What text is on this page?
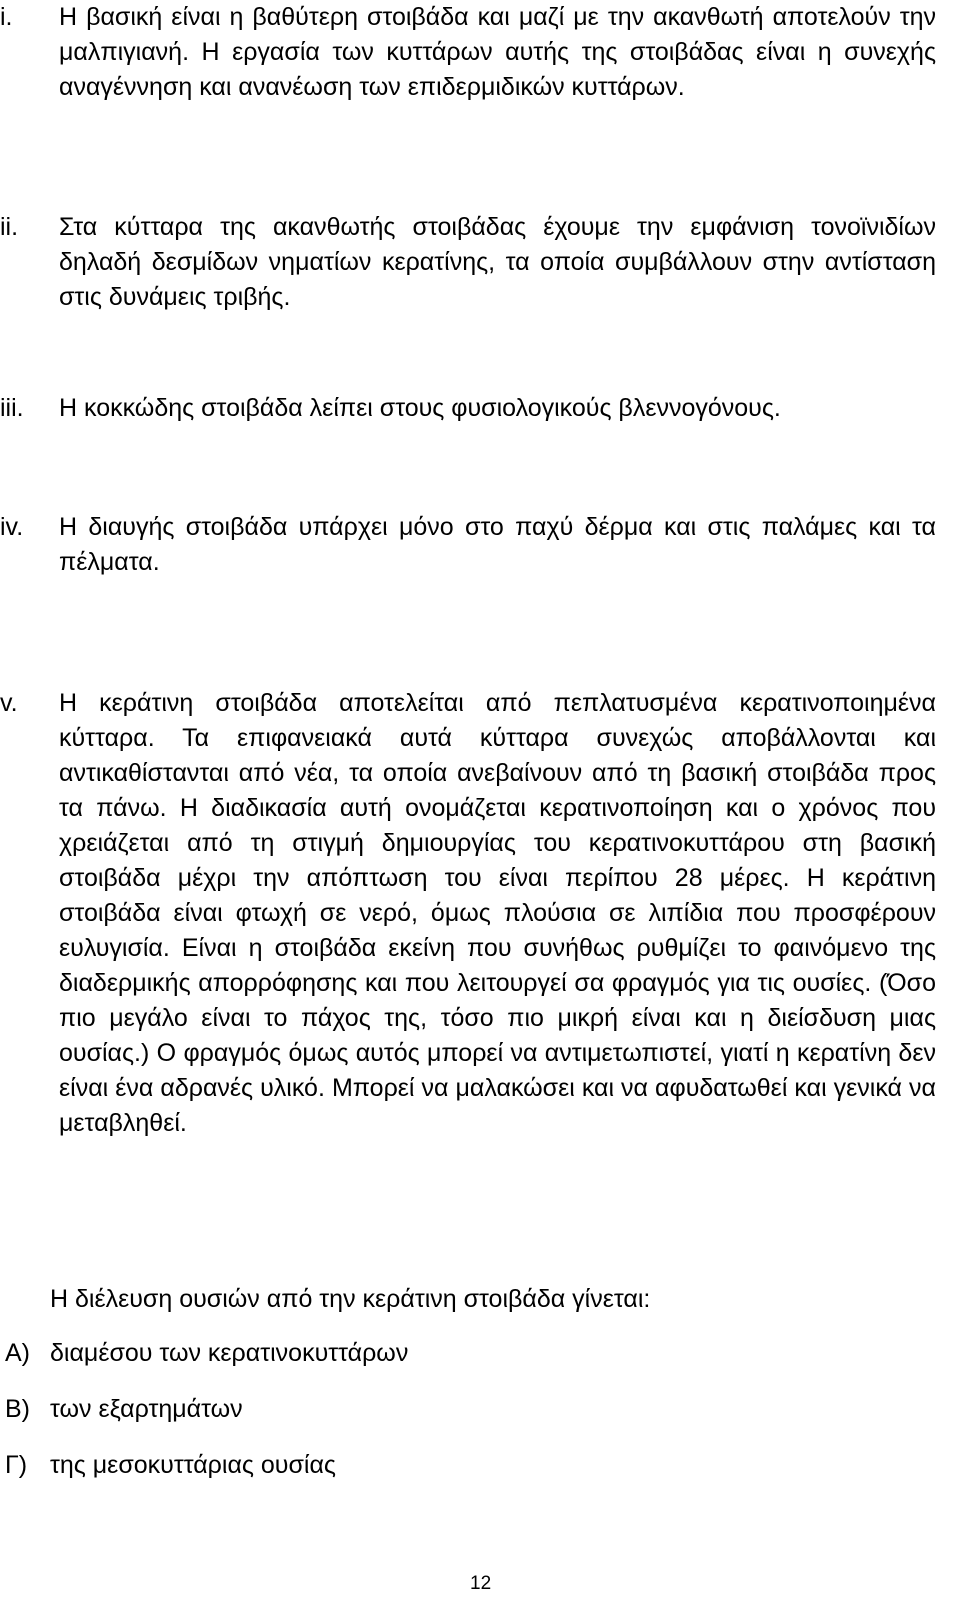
i. Η βασική είναι η βαθύτερη στοιβάδα και μαζί με την ακανθωτή αποτελούν την μαλπιγιανή. Η εργασία των κυττάρων αυτής της στοιβάδας είναι η συνεχής αναγέννηση και ανανέωση των επιδερμιδικών κυττάρων.
ii. Στα κύτταρα της ακανθωτής στοιβάδας έχουμε την εμφάνιση τονοϊνιδίων δηλαδή δεσμίδων νηματίων κερατίνης, τα οποία συμβάλλουν στην αντίσταση στις δυνάμεις τριβής.
iii. Η κοκκώδης στοιβάδα λείπει στους φυσιολογικούς βλεννογόνους.
iv. Η διαυγής στοιβάδα υπάρχει μόνο στο παχύ δέρμα και στις παλάμες και τα πέλματα.
v. Η κεράτινη στοιβάδα αποτελείται από πεπλατυσμένα κερατινοποιημένα κύτταρα. Τα επιφανειακά αυτά κύτταρα συνεχώς αποβάλλονται και αντικαθίστανται από νέα, τα οποία ανεβαίνουν από τη βασική στοιβάδα προς τα πάνω. Η διαδικασία αυτή ονομάζεται κερατινοποίηση και ο χρόνος που χρειάζεται από τη στιγμή δημιουργίας του κερατινοκυττάρου στη βασική στοιβάδα μέχρι την απόπτωση του είναι περίπου 28 μέρες. Η κεράτινη στοιβάδα είναι φτωχή σε νερό, όμως πλούσια σε λιπίδια που προσφέρουν ευλυγισία. Είναι η στοιβάδα εκείνη που συνήθως ρυθμίζει το φαινόμενο της διαδερμικής απορρόφησης και που λειτουργεί σα φραγμός για τις ουσίες. (Όσο πιο μεγάλο είναι το πάχος της, τόσο πιο μικρή είναι και η διείσδυση μιας ουσίας.) Ο φραγμός όμως αυτός μπορεί να αντιμετωπιστεί, γιατί η κερατίνη δεν είναι ένα αδρανές υλικό. Μπορεί να μαλακώσει και να αφυδατωθεί και γενικά να μεταβληθεί.
Η διέλευση ουσιών από την κεράτινη στοιβάδα γίνεται:
Α) διαμέσου των κερατινοκυττάρων
Β) των εξαρτημάτων
Γ) της μεσοκυττάριας ουσίας
12
